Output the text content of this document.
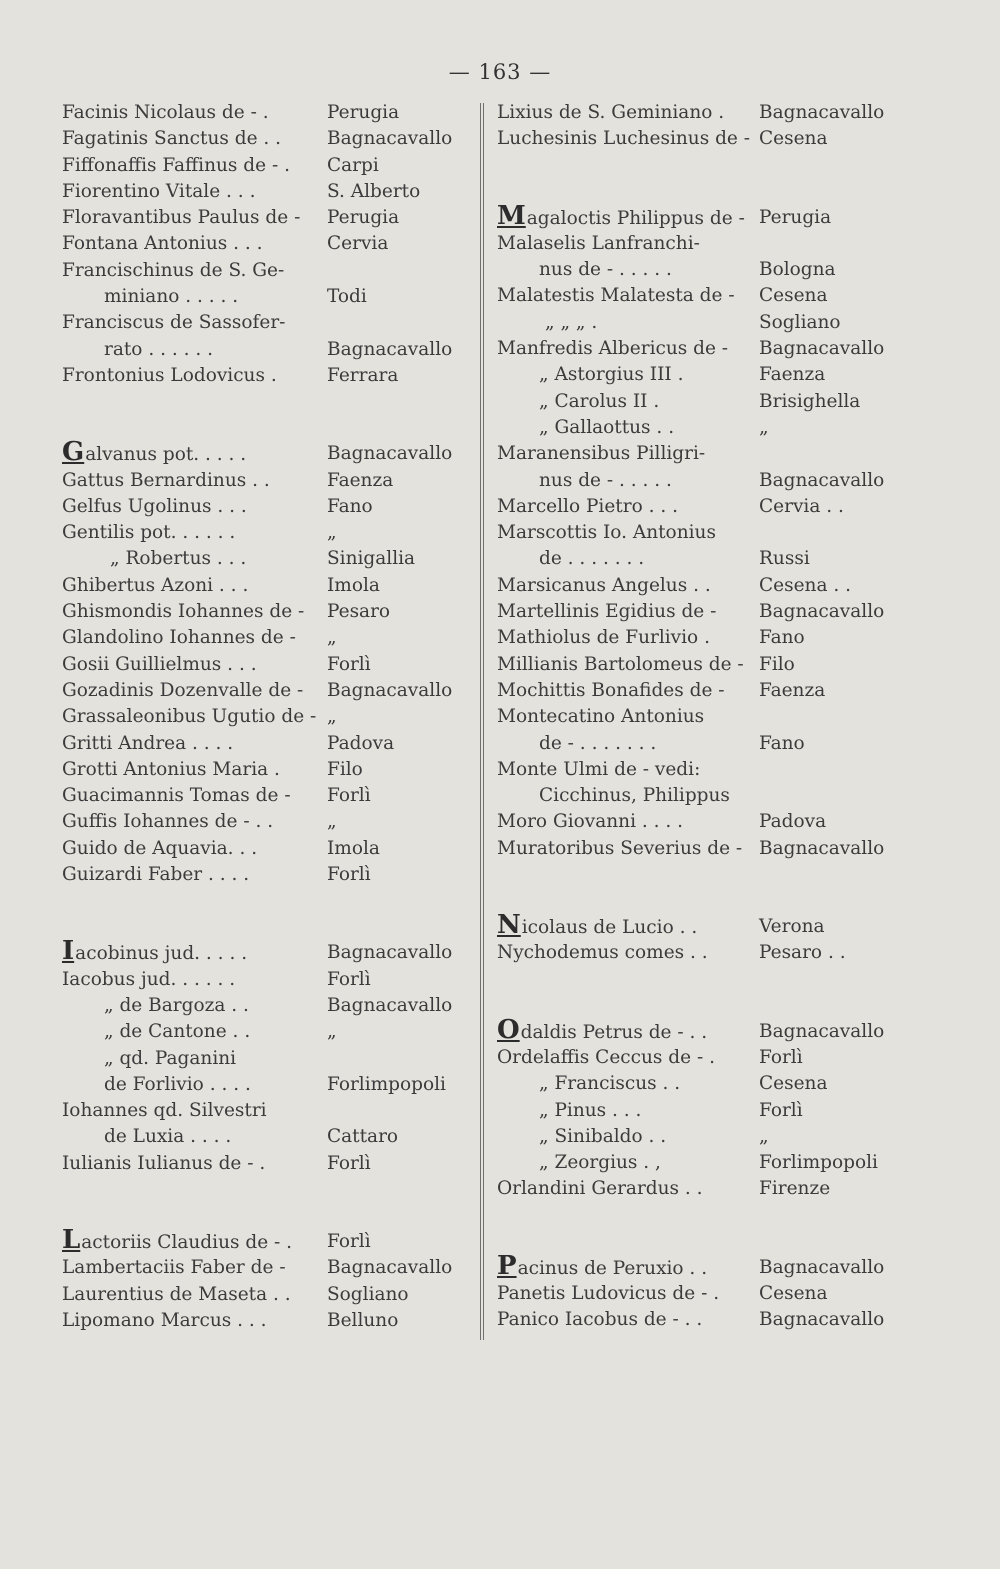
— 163 —
Facinis Nicolaus de - .	Perugia
Fagatinis Sanctus de . . Bagnacavallo
Fiffonaffis Faffinus de - . Carpi
Fiorentino Vitale . . .	S. Alberto
Floravantibus Paulus de - Perugia
Fontana Antonius . . .	Cervia
Francischinus de S. Ge-
miniano . . . . .	Todi
Franciscus de Sassofer-
rato . . . . . .	Bagnacavallo
Frontonius Lodovicus .	Ferrara
Galvanus pot. . . . .	Bagnacavallo
Gattus Bernardinus . .	Faenza
Gelfus Ugolinus . . .	Fano
Gentilis pot. . . . . .	„
„ Robertus . . .	Sinigallia
Ghibertus Azoni . . .	Imola
Ghismondis Iohannes de - Pesaro
Glandolino Iohannes de - „
Gosii Guillielmus . . .	Forlì
Gozadinis Dozenvalle de - Bagnacavallo
Grassaleonibus Ugutio de - „
Gritti Andrea . . . .	Padova
Grotti Antonius Maria .	Filo
Guacimannis Tomas de - Forlì
Guffis Iohannes de - . .	„
Guido de Aquavia. . .	Imola
Guizardi Faber . . . .	Forlì
Iacobinus jud. . . . .	Bagnacavallo
Iacobus jud. . . . . .	Forlì
„ de Bargoza . .	Bagnacavallo
„ de Cantone . .	„
„ qd. Paganini
de Forlivio . . . .	Forlimpopoli
Iohannes qd. Silvestri
de Luxia . . . .	Cattaro
Iulianis Iulianus de - .	Forlì
Lactoriis Claudius de - . Forlì
Lambertaciis Faber de - Bagnacavallo
Laurentius de Maseta . . Sogliano
Lipomano Marcus . . .	Belluno
Lixius de S. Geminiano . Bagnacavallo
Luchesinis Luchesinus de - Cesena
Magaloctis Philippus de - Perugia
Malaselis Lanfranchi-
nus de - . . . . .	Bologna
Malatestis Malatesta de - Cesena
„ „ „ .	Sogliano
Manfredis Albericus de - Bagnacavallo
„ Astorgius III .	Faenza
„ Carolus II .	Brisighella
„ Gallaottus . .	„
Maranensibus Pilligri-
nus de - . . . . .	Bagnacavallo
Marcello Pietro . . .	Cervia . .
Marscottis Io. Antonius
de . . . . . . .	Russi
Marsicanus Angelus . .	Cesena . .
Martellinis Egidius de - Bagnacavallo
Mathiolus de Furlivio .	Fano
Millianis Bartolomeus de - Filo
Mochittis Bonafides de - Faenza
Montecatino Antonius
de - . . . . . . .	Fano
Monte Ulmi de - vedi:
Cicchinus, Philippus
Moro Giovanni . . . .	Padova
Muratoribus Severius de - Bagnacavallo
Nicolaus de Lucio . .	Verona
Nychodemus comes . .	Pesaro . .
Odaldis Petrus de - . .	Bagnacavallo
Ordelaffis Ceccus de - . Forlì
„ Franciscus . .	Cesena
„ Pinus . . .	Forlì
„ Sinibaldo . .	„
„ Zeorgius . ,	Forlimpopoli
Orlandini Gerardus . .	Firenze
Pacinus de Peruxio . .	Bagnacavallo
Panetis Ludovicus de - . Cesena
Panico Iacobus de - . .	Bagnacavallo
